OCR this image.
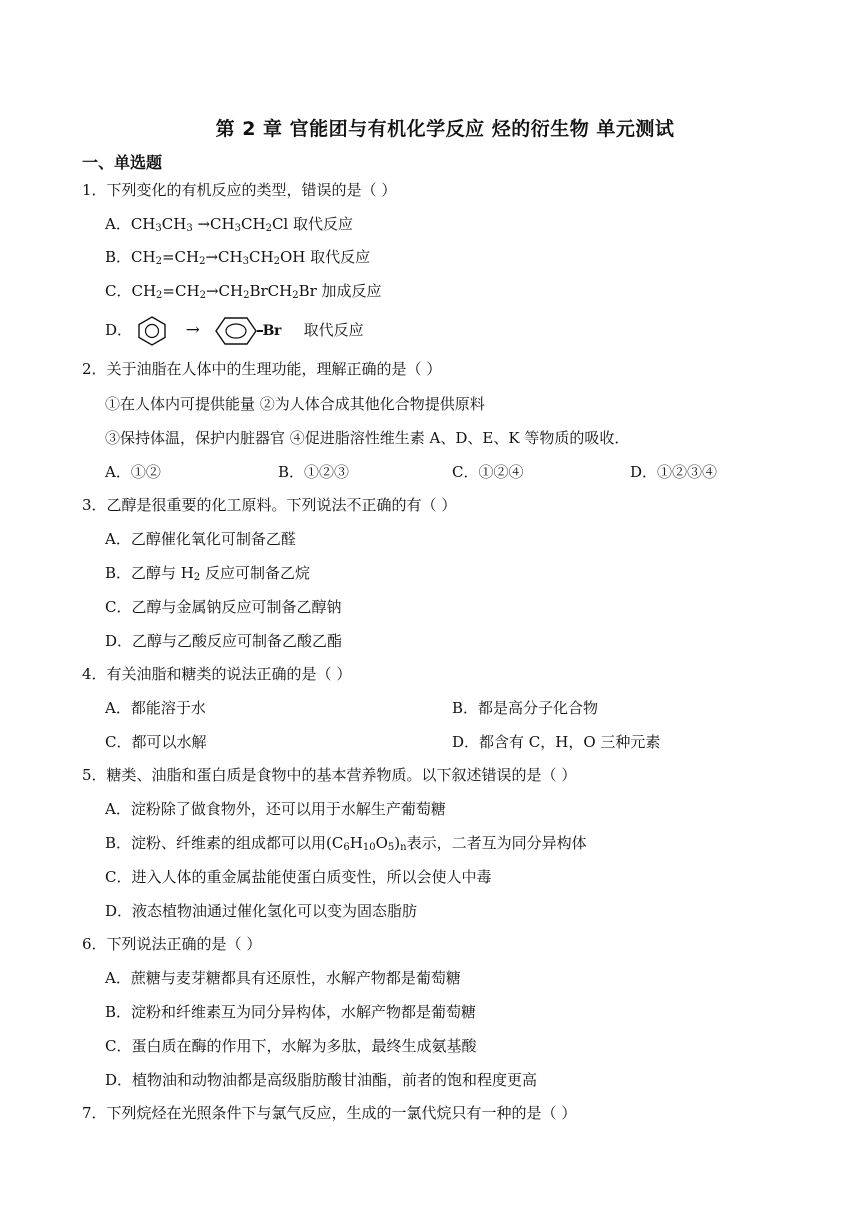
第 2 章 官能团与有机化学反应 烃的衍生物 单元测试
一、单选题
1．下列变化的有机反应的类型，错误的是（ ）
A．$CH_3CH_3 \to CH_3CH_2Cl$ 取代反应
B．$CH_2=CH_2\to CH_3CH_2OH$ 取代反应
C．$CH_2=CH_2\to CH_2BrCH_2Br$ 加成反应
D．	→	Br 取代反应
2．关于油脂在人体中的生理功能，理解正确的是（ ）
①在人体内可提供能量 ②为人体合成其他化合物提供原料
③保持体温，保护内脏器官 ④促进脂溶性维生素 A、D、E、K 等物质的吸收．
A．①②	B．①②③	C．①②④	D．①②③④
3．乙醇是很重要的化工原料。下列说法不正确的有（ ）
A．乙醇催化氧化可制备乙醛
B．乙醇与 $H_2$ 反应可制备乙烷
C．乙醇与金属钠反应可制备乙醇钠
D．乙醇与乙酸反应可制备乙酸乙酯
4．有关油脂和糖类的说法正确的是（ ）
A．都能溶于水	B．都是高分子化合物
C．都可以水解	D．都含有 C，H，O 三种元素
5．糖类、油脂和蛋白质是食物中的基本营养物质。以下叙述错误的是（ ）
A．淀粉除了做食物外，还可以用于水解生产葡萄糖
B．淀粉、纤维素的组成都可以用$(C_6H_{10}O_5)_n$表示，二者互为同分异构体
C．进入人体的重金属盐能使蛋白质变性，所以会使人中毒
D．液态植物油通过催化氢化可以变为固态脂肪
6．下列说法正确的是（ ）
A．蔗糖与麦芽糖都具有还原性，水解产物都是葡萄糖
B．淀粉和纤维素互为同分异构体，水解产物都是葡萄糖
C．蛋白质在酶的作用下，水解为多肽，最终生成氨基酸
D．植物油和动物油都是高级脂肪酸甘油酯，前者的饱和程度更高
7．下列烷烃在光照条件下与氯气反应，生成的一氯代烷只有一种的是（ ）
